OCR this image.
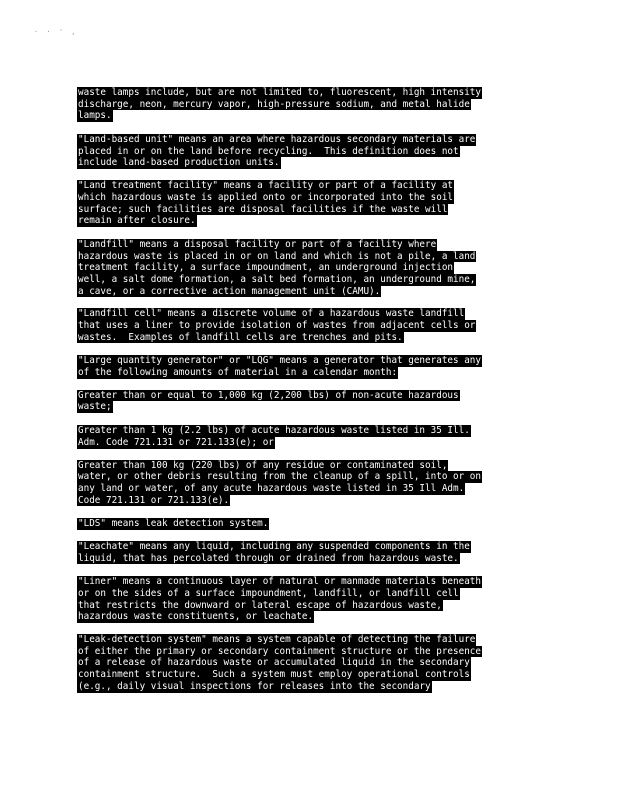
· · ' ,
waste lamps include, but are not limited to, fluorescent, high intensity
discharge, neon, mercury vapor, high-pressure sodium, and metal halide
lamps.
"Land-based unit" means an area where hazardous secondary materials are
placed in or on the land before recycling.  This definition does not
include land-based production units.
"Land treatment facility" means a facility or part of a facility at
which hazardous waste is applied onto or incorporated into the soil
surface; such facilities are disposal facilities if the waste will
remain after closure.
"Landfill" means a disposal facility or part of a facility where
hazardous waste is placed in or on land and which is not a pile, a land
treatment facility, a surface impoundment, an underground injection
well, a salt dome formation, a salt bed formation, an underground mine,
a cave, or a corrective action management unit (CAMU).
"Landfill cell" means a discrete volume of a hazardous waste landfill
that uses a liner to provide isolation of wastes from adjacent cells or
wastes.  Examples of landfill cells are trenches and pits.
"Large quantity generator" or "LQG" means a generator that generates any
of the following amounts of material in a calendar month:
Greater than or equal to 1,000 kg (2,200 lbs) of non-acute hazardous
waste;
Greater than 1 kg (2.2 lbs) of acute hazardous waste listed in 35 Ill.
Adm. Code 721.131 or 721.133(e); or
Greater than 100 kg (220 lbs) of any residue or contaminated soil,
water, or other debris resulting from the cleanup of a spill, into or on
any land or water, of any acute hazardous waste listed in 35 Ill Adm.
Code 721.131 or 721.133(e).
"LDS" means leak detection system.
"Leachate" means any liquid, including any suspended components in the
liquid, that has percolated through or drained from hazardous waste.
"Liner" means a continuous layer of natural or manmade materials beneath
or on the sides of a surface impoundment, landfill, or landfill cell
that restricts the downward or lateral escape of hazardous waste,
hazardous waste constituents, or leachate.
"Leak-detection system" means a system capable of detecting the failure
of either the primary or secondary containment structure or the presence
of a release of hazardous waste or accumulated liquid in the secondary
containment structure.  Such a system must employ operational controls
(e.g., daily visual inspections for releases into the secondary
